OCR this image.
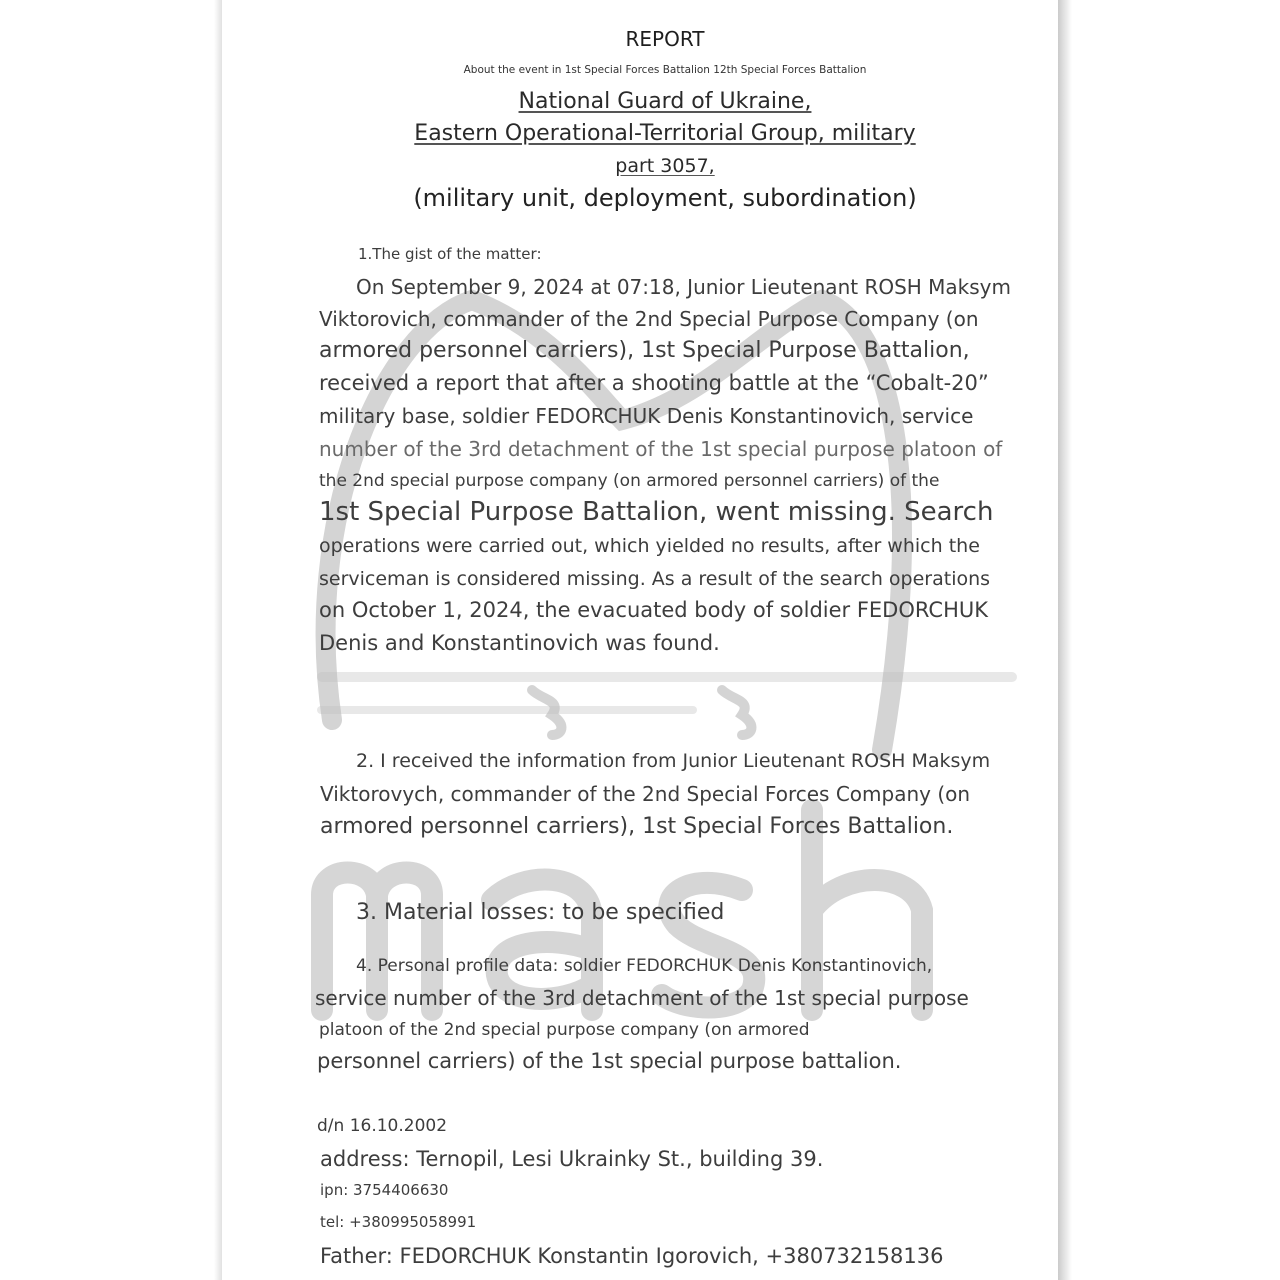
REPORT
About the event in 1st Special Forces Battalion 12th Special Forces Battalion
National Guard of Ukraine,
Eastern Operational-Territorial Group, military
part 3057,
(military unit, deployment, subordination)
1.The gist of the matter:
On September 9, 2024 at 07:18, Junior Lieutenant ROSH Maksym
Viktorovich, commander of the 2nd Special Purpose Company (on
armored personnel carriers), 1st Special Purpose Battalion,
received a report that after a shooting battle at the “Cobalt-20”
military base, soldier FEDORCHUK Denis Konstantinovich, service
number of the 3rd detachment of the 1st special purpose platoon of
the 2nd special purpose company (on armored personnel carriers) of the
1st Special Purpose Battalion, went missing. Search
operations were carried out, which yielded no results, after which the
serviceman is considered missing. As a result of the search operations
on October 1, 2024, the evacuated body of soldier FEDORCHUK
Denis and Konstantinovich was found.
2. I received the information from Junior Lieutenant ROSH Maksym
Viktorovych, commander of the 2nd Special Forces Company (on
armored personnel carriers), 1st Special Forces Battalion.
3. Material losses: to be specified
4. Personal profile data: soldier FEDORCHUK Denis Konstantinovich,
service number of the 3rd detachment of the 1st special purpose
platoon of the 2nd special purpose company (on armored
personnel carriers) of the 1st special purpose battalion.
d/n 16.10.2002
address: Ternopil, Lesi Ukrainky St., building 39.
ipn: 3754406630
tel: +380995058991
Father: FEDORCHUK Konstantin Igorovich, +380732158136
